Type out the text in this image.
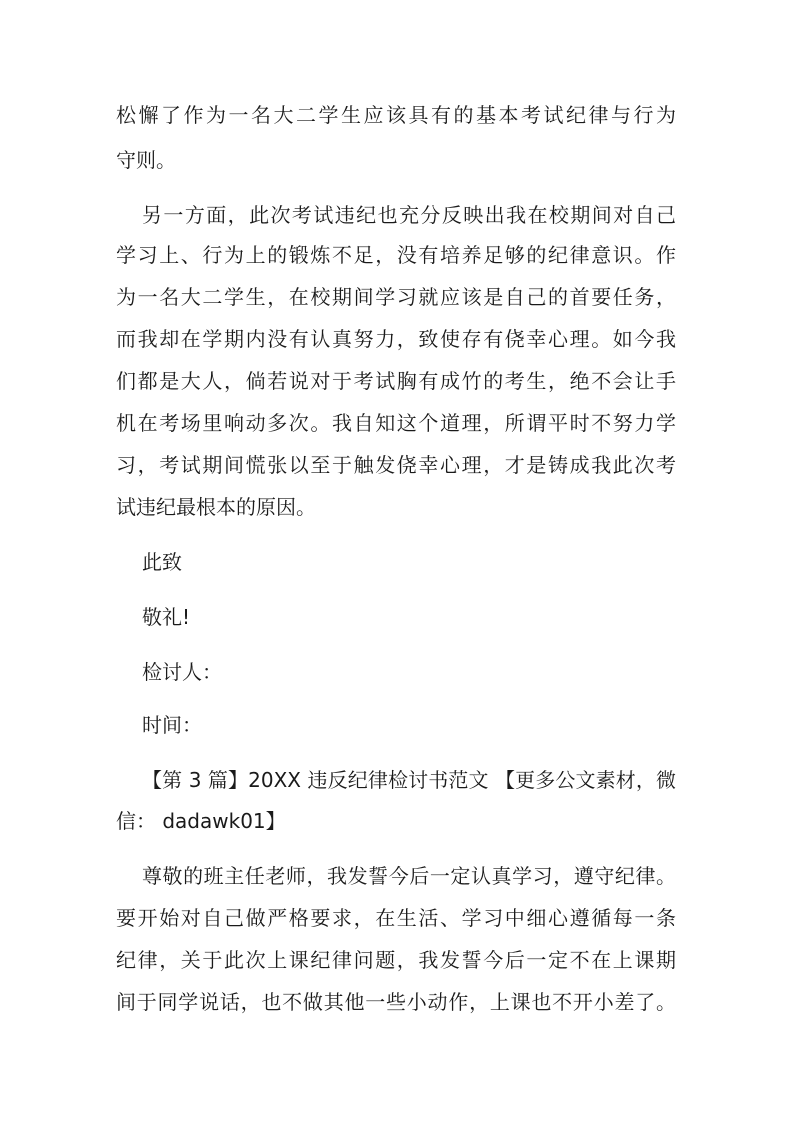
松懈了作为一名大二学生应该具有的基本考试纪律与行为
守则。
另一方面，此次考试违纪也充分反映出我在校期间对自己
学习上、行为上的锻炼不足，没有培养足够的纪律意识。作
为一名大二学生，在校期间学习就应该是自己的首要任务，
而我却在学期内没有认真努力，致使存有侥幸心理。如今我
们都是大人，倘若说对于考试胸有成竹的考生，绝不会让手
机在考场里响动多次。我自知这个道理，所谓平时不努力学
习，考试期间慌张以至于触发侥幸心理，才是铸成我此次考
试违纪最根本的原因。
此致
敬礼!
检讨人：
时间：
【第 3 篇】20XX 违反纪律检讨书范文 【更多公文素材，微
信： dadawk01】
尊敬的班主任老师，我发誓今后一定认真学习，遵守纪律。
要开始对自己做严格要求，在生活、学习中细心遵循每一条
纪律，关于此次上课纪律问题，我发誓今后一定不在上课期
间于同学说话，也不做其他一些小动作，上课也不开小差了。
